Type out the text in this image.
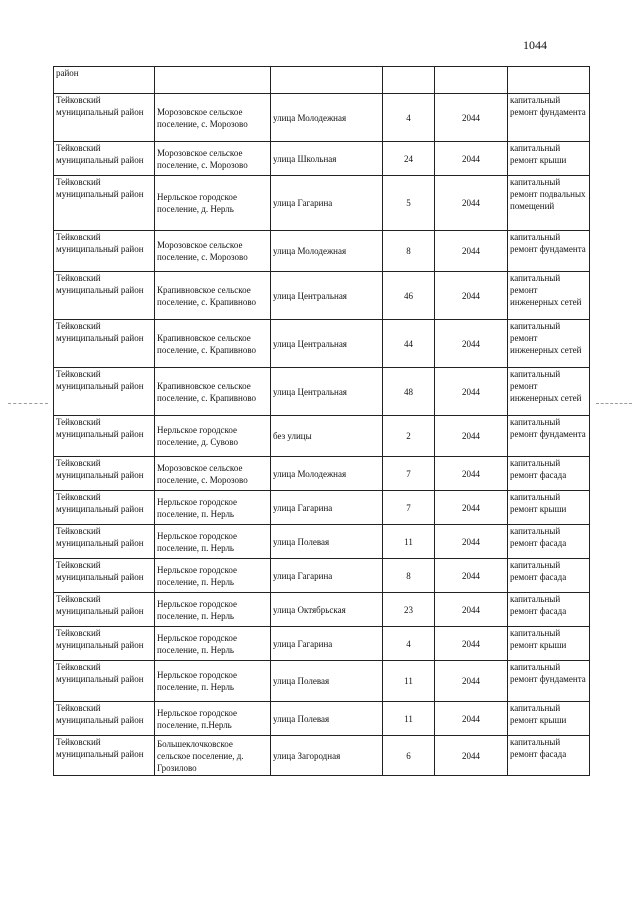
1044
район					
Тейковский муниципальный район	Морозовское сельское поселение, с. Морозово	улица Молодежная	4	2044	капитальный ремонт фундамента
Тейковский муниципальный район	Морозовское сельское поселение, с. Морозово	улица Школьная	24	2044	капитальный ремонт крыши
Тейковский муниципальный район	Нерльское городское поселение, д. Нерль	улица Гагарина	5	2044	капитальный ремонт подвальных помещений
Тейковский муниципальный район	Морозовское сельское поселение, с. Морозово	улица Молодежная	8	2044	капитальный ремонт фундамента
Тейковский муниципальный район	Крапивновское сельское поселение, с. Крапивново	улица Центральная	46	2044	капитальный ремонт инженерных сетей
Тейковский муниципальный район	Крапивновское сельское поселение, с. Крапивново	улица Центральная	44	2044	капитальный ремонт инженерных сетей
Тейковский муниципальный район	Крапивновское сельское поселение, с. Крапивново	улица Центральная	48	2044	капитальный ремонт инженерных сетей
Тейковский муниципальный район	Нерльское городское поселение, д. Сувово	без улицы	2	2044	капитальный ремонт фундамента
Тейковский муниципальный район	Морозовское сельское поселение, с. Морозово	улица Молодежная	7	2044	капитальный ремонт фасада
Тейковский муниципальный район	Нерльское городское поселение, п. Нерль	улица Гагарина	7	2044	капитальный ремонт крыши
Тейковский муниципальный район	Нерльское городское поселение, п. Нерль	улица Полевая	11	2044	капитальный ремонт фасада
Тейковский муниципальный район	Нерльское городское поселение, п. Нерль	улица Гагарина	8	2044	капитальный ремонт фасада
Тейковский муниципальный район	Нерльское городское поселение, п. Нерль	улица Октябрьская	23	2044	капитальный ремонт фасада
Тейковский муниципальный район	Нерльское городское поселение, п. Нерль	улица Гагарина	4	2044	капитальный ремонт крыши
Тейковский муниципальный район	Нерльское городское поселение, п. Нерль	улица Полевая	11	2044	капитальный ремонт фундамента
Тейковский муниципальный район	Нерльское городское поселение, п.Нерль	улица Полевая	11	2044	капитальный ремонт крыши
Тейковский муниципальный район	Большеклочковское сельское поселение, д. Грозилово	улица Загородная	6	2044	капитальный ремонт фасада
